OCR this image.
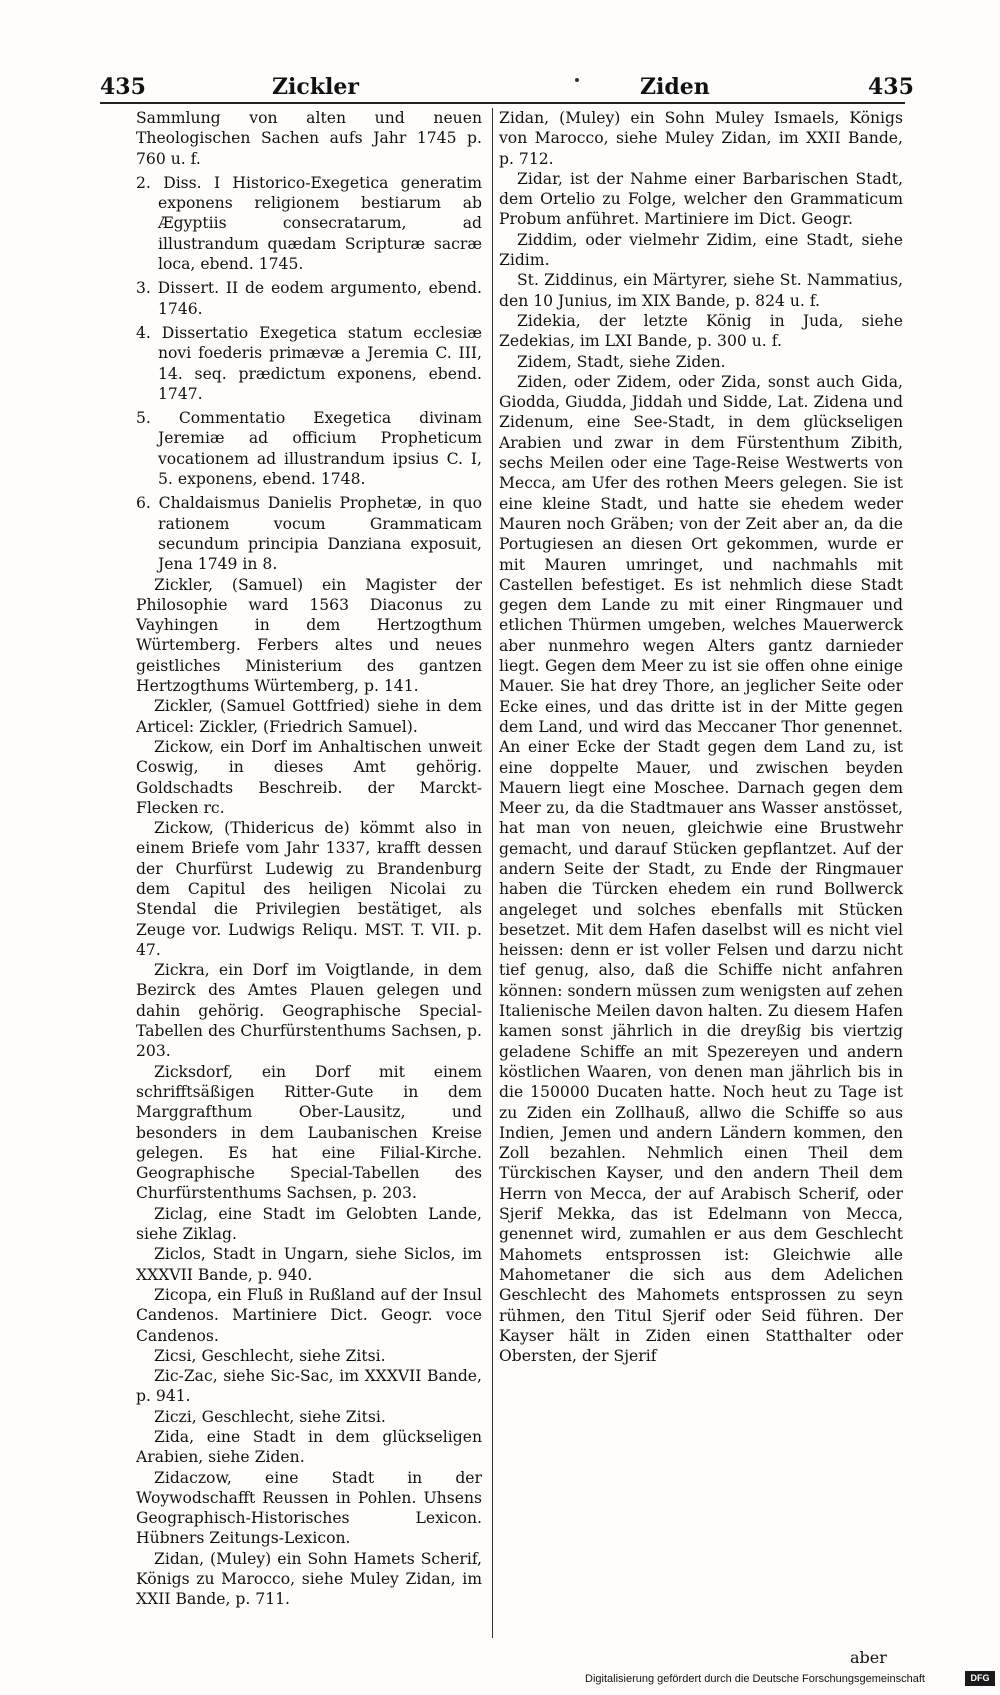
435	Zickler	Ziden	435

Sammlung von alten und neuen Theologischen Sachen aufs Jahr 1745 p. 760 u. f.

2. Diss. I Historico-Exegetica generatim exponens religionem bestiarum ab Ægyptiis consecratarum, ad illustrandum quædam Scripturæ sacræ loca, ebend. 1745.

3. Dissert. II de eodem argumento, ebend. 1746.

4. Dissertatio Exegetica statum ecclesiæ novi foederis primævæ a Jeremia C. III, 14. seq. prædictum exponens, ebend. 1747.

5. Commentatio Exegetica divinam Jeremiæ ad officium Propheticum vocationem ad illustrandum ipsius C. I, 5. exponens, ebend. 1748.

6. Chaldaismus Danielis Prophetæ, in quo rationem vocum Grammaticam secundum principia Danziana exposuit, Jena 1749 in 8.

Zickler, (Samuel) ein Magister der Philosophie ward 1563 Diaconus zu Vayhingen in dem Hertzogthum Würtemberg. Ferbers altes und neues geistliches Ministerium des gantzen Hertzogthums Würtemberg, p. 141.

Zickler, (Samuel Gottfried) siehe in dem Articel: Zickler, (Friedrich Samuel).

Zickow, ein Dorf im Anhaltischen unweit Coswig, in dieses Amt gehörig. Goldschadts Beschreib. der Marckt-Flecken rc.

Zickow, (Thidericus de) kömmt also in einem Briefe vom Jahr 1337, krafft dessen der Churfürst Ludewig zu Brandenburg dem Capitul des heiligen Nicolai zu Stendal die Privilegien bestätiget, als Zeuge vor. Ludwigs Reliqu. MST. T. VII. p. 47.

Zickra, ein Dorf im Voigtlande, in dem Bezirck des Amtes Plauen gelegen und dahin gehörig. Geographische Special-Tabellen des Churfürstenthums Sachsen, p. 203.

Zicksdorf, ein Dorf mit einem schrifftsäßigen Ritter-Gute in dem Marggrafthum Ober-Lausitz, und besonders in dem Laubanischen Kreise gelegen. Es hat eine Filial-Kirche. Geographische Special-Tabellen des Churfürstenthums Sachsen, p. 203.

Ziclag, eine Stadt im Gelobten Lande, siehe Ziklag.

Ziclos, Stadt in Ungarn, siehe Siclos, im XXXVII Bande, p. 940.

Zicopa, ein Fluß in Rußland auf der Insul Candenos. Martiniere Dict. Geogr. voce Candenos.

Zicsi, Geschlecht, siehe Zitsi.

Zic-Zac, siehe Sic-Sac, im XXXVII Bande, p. 941.

Ziczi, Geschlecht, siehe Zitsi.

Zida, eine Stadt in dem glückseligen Arabien, siehe Ziden.

Zidaczow, eine Stadt in der Woywodschafft Reussen in Pohlen. Uhsens Geographisch-Historisches Lexicon. Hübners Zeitungs-Lexicon.

Zidan, (Muley) ein Sohn Hamets Scherif, Königs zu Marocco, siehe Muley Zidan, im XXII Bande, p. 711.

Zidan, (Muley) ein Sohn Muley Ismaels, Königs von Marocco, siehe Muley Zidan, im XXII Bande, p. 712.

Zidar, ist der Nahme einer Barbarischen Stadt, dem Ortelio zu Folge, welcher den Grammaticum Probum anführet. Martiniere im Dict. Geogr.

Ziddim, oder vielmehr Zidim, eine Stadt, siehe Zidim.

St. Ziddinus, ein Märtyrer, siehe St. Nammatius, den 10 Junius, im XIX Bande, p. 824 u. f.

Zidekia, der letzte König in Juda, siehe Zedekias, im LXI Bande, p. 300 u. f.

Zidem, Stadt, siehe Ziden.

Ziden, oder Zidem, oder Zida, sonst auch Gida, Giodda, Giudda, Jiddah und Sidde, Lat. Zidena und Zidenum, eine See-Stadt, in dem glückseligen Arabien und zwar in dem Fürstenthum Zibith, sechs Meilen oder eine Tage-Reise Westwerts von Mecca, am Ufer des rothen Meers gelegen. Sie ist eine kleine Stadt, und hatte sie ehedem weder Mauren noch Gräben; von der Zeit aber an, da die Portugiesen an diesen Ort gekommen, wurde er mit Mauren umringet, und nachmahls mit Castellen befestiget. Es ist nehmlich diese Stadt gegen dem Lande zu mit einer Ringmauer und etlichen Thürmen umgeben, welches Mauerwerck aber nunmehro wegen Alters gantz darnieder liegt. Gegen dem Meer zu ist sie offen ohne einige Mauer. Sie hat drey Thore, an jeglicher Seite oder Ecke eines, und das dritte ist in der Mitte gegen dem Land, und wird das Meccaner Thor genennet. An einer Ecke der Stadt gegen dem Land zu, ist eine doppelte Mauer, und zwischen beyden Mauern liegt eine Moschee. Darnach gegen dem Meer zu, da die Stadtmauer ans Wasser anstösset, hat man von neuen, gleichwie eine Brustwehr gemacht, und darauf Stücken gepflantzet. Auf der andern Seite der Stadt, zu Ende der Ringmauer haben die Türcken ehedem ein rund Bollwerck angeleget und solches ebenfalls mit Stücken besetzet. Mit dem Hafen daselbst will es nicht viel heissen: denn er ist voller Felsen und darzu nicht tief genug, also, daß die Schiffe nicht anfahren können: sondern müssen zum wenigsten auf zehen Italienische Meilen davon halten. Zu diesem Hafen kamen sonst jährlich in die dreyßig bis viertzig geladene Schiffe an mit Spezereyen und andern köstlichen Waaren, von denen man jährlich bis in die 150000 Ducaten hatte. Noch heut zu Tage ist zu Ziden ein Zollhauß, allwo die Schiffe so aus Indien, Jemen und andern Ländern kommen, den Zoll bezahlen. Nehmlich einen Theil dem Türckischen Kayser, und den andern Theil dem Herrn von Mecca, der auf Arabisch Scherif, oder Sjerif Mekka, das ist Edelmann von Mecca, genennet wird, zumahlen er aus dem Geschlecht Mahomets entsprossen ist: Gleichwie alle Mahometaner die sich aus dem Adelichen Geschlecht des Mahomets entsprossen zu seyn rühmen, den Titul Sjerif oder Seid führen. Der Kayser hält in Ziden einen Statthalter oder Obersten, der Sjerif

aber
Digitalisierung gefördert durch die Deutsche Forschungsgemeinschaft	DFG
